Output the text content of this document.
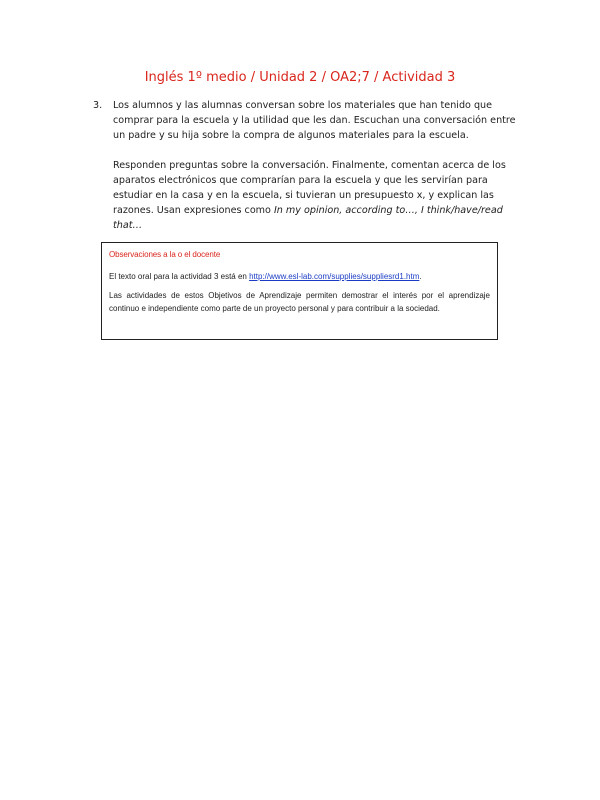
Inglés 1º medio / Unidad 2 / OA2;7 / Actividad 3
3. Los alumnos y las alumnas conversan sobre los materiales que han tenido que comprar para la escuela y la utilidad que les dan. Escuchan una conversación entre un padre y su hija sobre la compra de algunos materiales para la escuela.

Responden preguntas sobre la conversación. Finalmente, comentan acerca de los aparatos electrónicos que comprarían para la escuela y que les servirían para estudiar en la casa y en la escuela, si tuvieran un presupuesto x, y explican las razones. Usan expresiones como In my opinion, according to…, I think/have/read that…

Observaciones a la o el docente

El texto oral para la actividad 3 está en http://www.esl-lab.com/supplies/suppliesrd1.htm.

Las actividades de estos Objetivos de Aprendizaje permiten demostrar el interés por el aprendizaje continuo e independiente como parte de un proyecto personal y para contribuir a la sociedad.
